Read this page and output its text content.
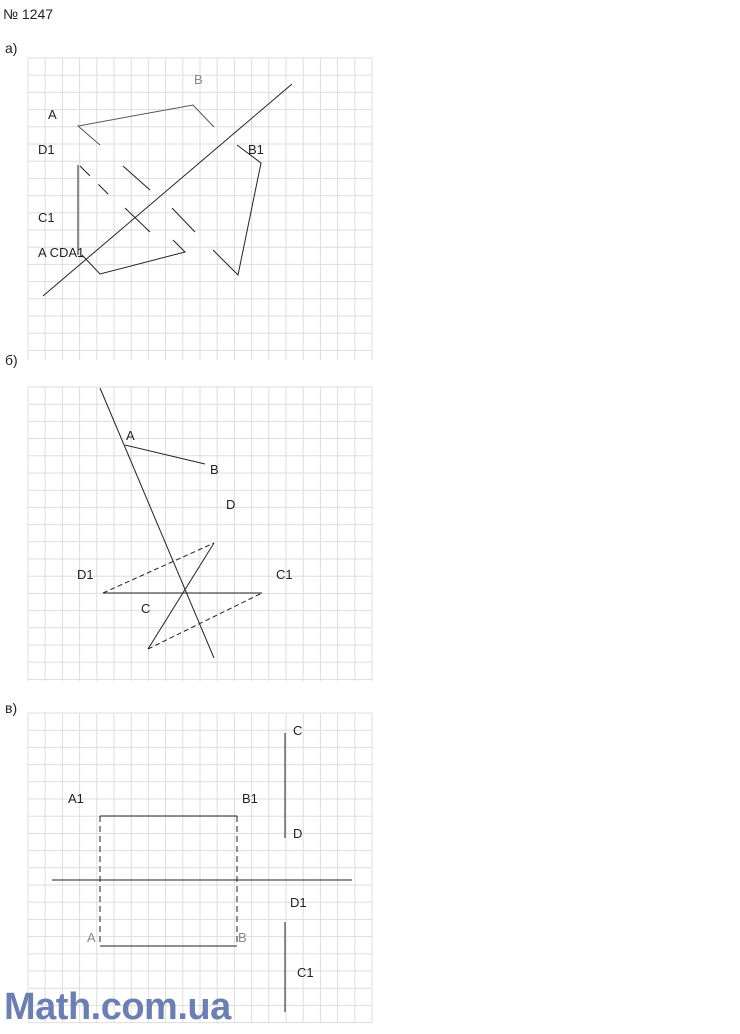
№ 1247
а)
B
A
D1	B1
C1
A CDA1
б)
A
B
D
D1	C1
C
в)
C
A1	B1
D
D1
A	B
C1
Math.com.ua
